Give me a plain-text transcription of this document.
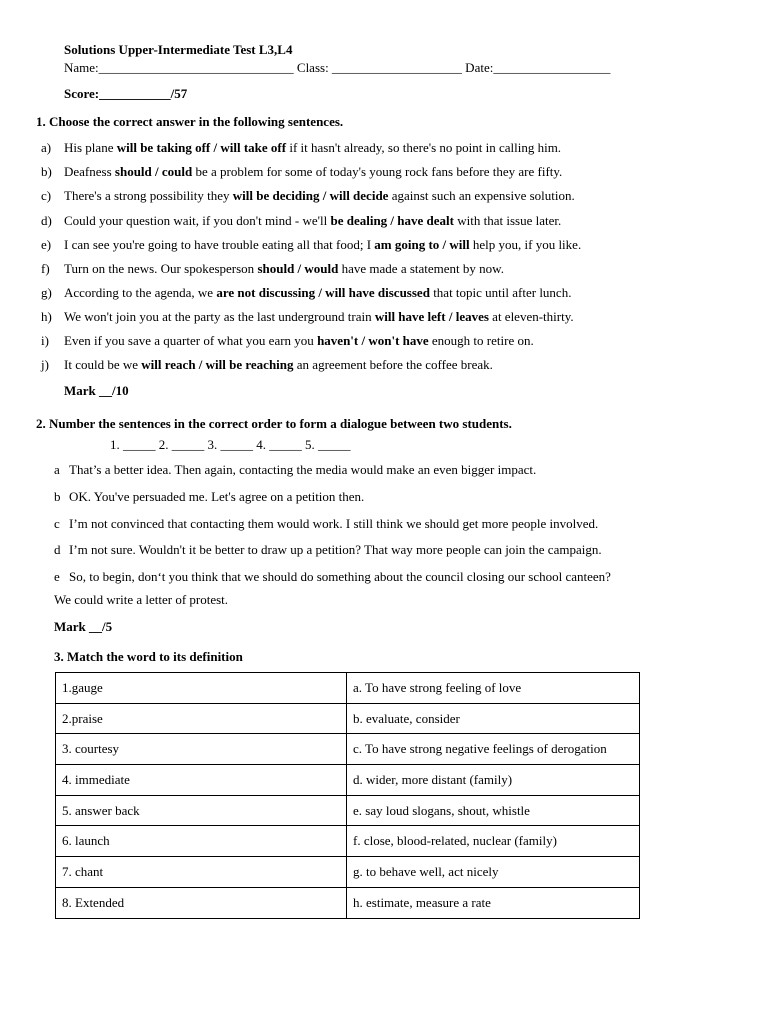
Solutions Upper-Intermediate Test L3,L4
Name:______________________________ Class: ____________________ Date:__________________
Score:___________/57
1. Choose the correct answer in the following sentences.
a) His plane will be taking off / will take off if it hasn't already, so there's no point in calling him.
b) Deafness should / could be a problem for some of today's young rock fans before they are fifty.
c) There's a strong possibility they will be deciding / will decide against such an expensive solution.
d) Could your question wait, if you don't mind - we'll be dealing / have dealt with that issue later.
e) I can see you're going to have trouble eating all that food; I am going to / will help you, if you like.
f) Turn on the news. Our spokesperson should / would have made a statement by now.
g) According to the agenda, we are not discussing / will have discussed that topic until after lunch.
h) We won't join you at the party as the last underground train will have left / leaves at eleven-thirty.
i) Even if you save a quarter of what you earn you haven't / won't have enough to retire on.
j) It could be we will reach / will be reaching an agreement before the coffee break.
Mark __/10
2. Number the sentences in the correct order to form a dialogue between two students.
1. _____ 2. _____ 3. _____ 4. _____ 5. _____
a That’s a better idea. Then again, contacting the media would make an even bigger impact.
b OK. You've persuaded me. Let's agree on a petition then.
c I’m not convinced that contacting them would work. I still think we should get more people involved.
d I’m not sure. Wouldn't it be better to draw up a petition? That way more people can join the campaign.
e So, to begin, don‘t you think that we should do something about the council closing our school canteen?
We could write a letter of protest.
Mark __/5
3. Match the word to its definition
1.gauge	a. To have strong feeling of love
2.praise	b. evaluate, consider
3. courtesy	c. To have strong negative feelings of derogation
4. immediate	d. wider, more distant (family)
5. answer back	e. say loud slogans, shout, whistle
6. launch	f. close, blood-related, nuclear (family)
7. chant	g. to behave well, act nicely
8. Extended	h. estimate, measure a rate
